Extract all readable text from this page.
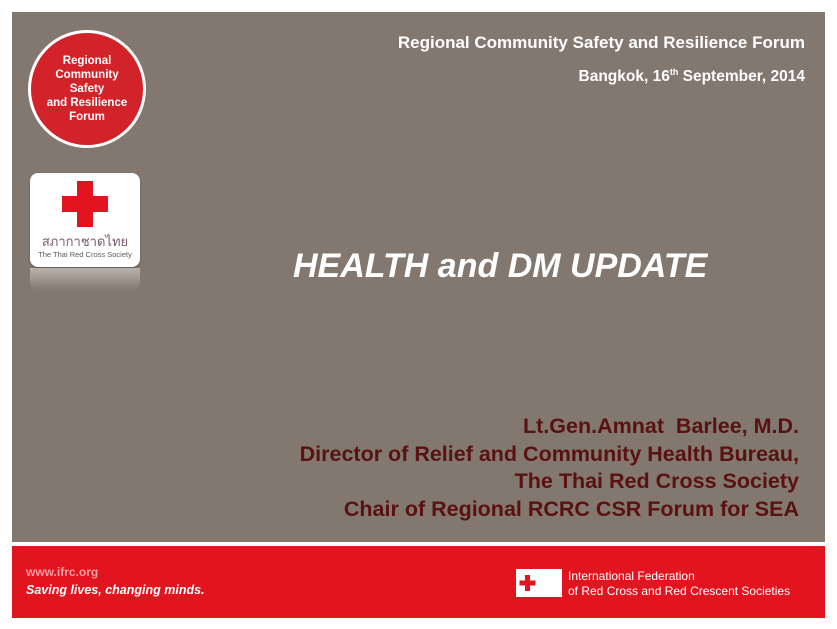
Regional
Community Safety
and Resilience
Forum
สภากาชาดไทย
The Thai Red Cross Society
Regional Community Safety and Resilience Forum
Bangkok, 16th September, 2014
HEALTH and DM UPDATE
Lt.Gen.Amnat  Barlee, M.D.
Director of Relief and Community Health Bureau,
The Thai Red Cross Society
Chair of Regional RCRC CSR Forum for SEA
www.ifrc.org
Saving lives, changing minds.
International Federation
of Red Cross and Red Crescent Societies
